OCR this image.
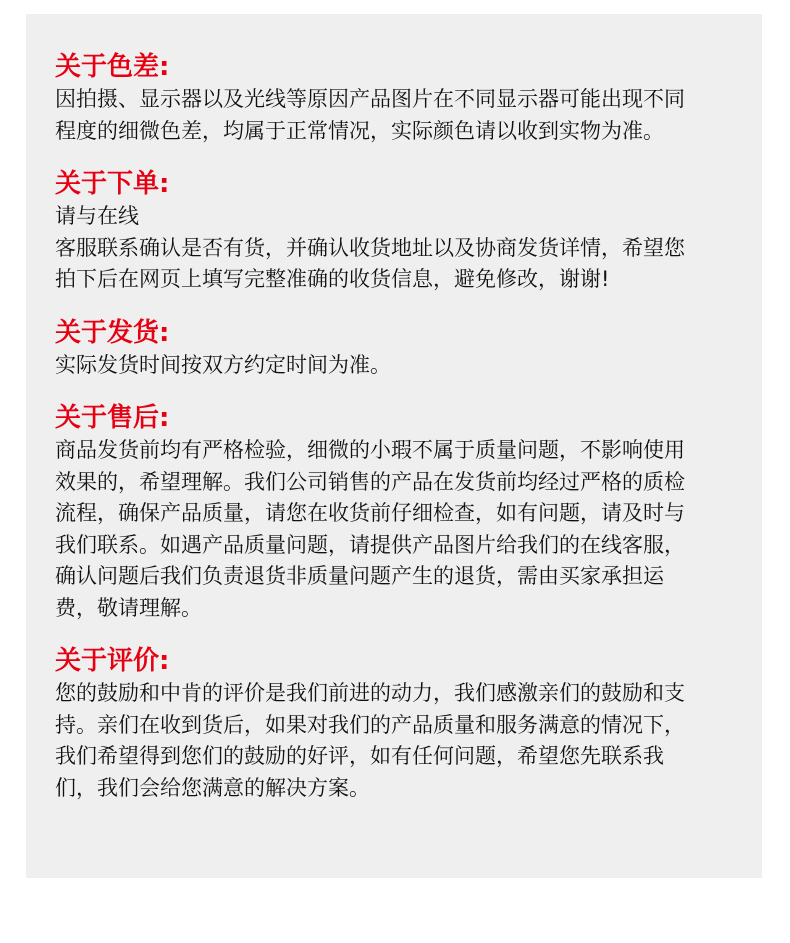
关于色差:

因拍摄、显示器以及光线等原因产品图片在不同显示器可能出现不同

程度的细微色差，均属于正常情况，实际颜色请以收到实物为准。

关于下单:

请与在线

客服联系确认是否有货，并确认收货地址以及协商发货详情，希望您

拍下后在网页上填写完整准确的收货信息，避免修改，谢谢!

关于发货:

实际发货时间按双方约定时间为准。

关于售后:

商品发货前均有严格检验，细微的小瑕不属于质量问题，不影响使用

效果的，希望理解。我们公司销售的产品在发货前均经过严格的质检

流程，确保产品质量，请您在收货前仔细检查，如有问题，请及时与

我们联系。如遇产品质量问题，请提供产品图片给我们的在线客服，

确认问题后我们负责退货非质量问题产生的退货，需由买家承担运

费，敬请理解。

关于评价:

您的鼓励和中肯的评价是我们前进的动力，我们感激亲们的鼓励和支

持。亲们在收到货后，如果对我们的产品质量和服务满意的情况下，

我们希望得到您们的鼓励的好评，如有任何问题，希望您先联系我

们，我们会给您满意的解决方案。
